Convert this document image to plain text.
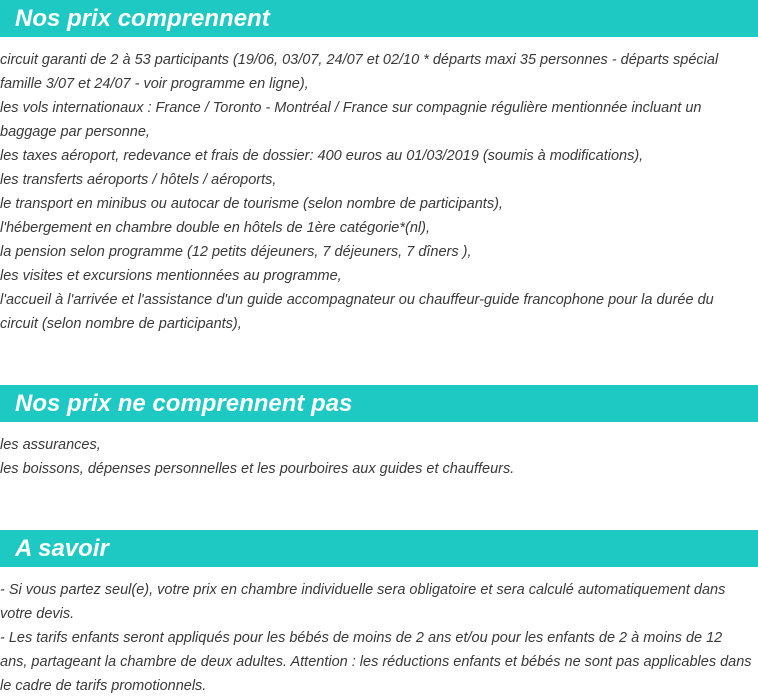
Nos prix comprennent
circuit garanti de 2 à 53 participants (19/06, 03/07, 24/07 et 02/10 * départs maxi 35 personnes - départs spécial famille 3/07 et 24/07 - voir programme en ligne),
les vols internationaux : France / Toronto - Montréal / France sur compagnie régulière mentionnée incluant un baggage par personne,
les taxes aéroport, redevance et frais de dossier: 400 euros au 01/03/2019 (soumis à modifications),
les transferts aéroports / hôtels / aéroports,
le transport en minibus ou autocar de tourisme (selon nombre de participants),
l'hébergement en chambre double en hôtels de 1ère catégorie*(nl),
la pension selon programme (12 petits déjeuners, 7 déjeuners, 7 dîners ),
les visites et excursions mentionnées au programme,
l'accueil à l'arrivée et l'assistance d'un guide accompagnateur ou chauffeur-guide francophone pour la durée du circuit (selon nombre de participants),
Nos prix ne comprennent pas
les assurances,
les boissons, dépenses personnelles et les pourboires aux guides et chauffeurs.
A savoir
- Si vous partez seul(e), votre prix en chambre individuelle sera obligatoire et sera calculé automatiquement dans votre devis.
- Les tarifs enfants seront appliqués pour les bébés de moins de 2 ans et/ou pour les enfants de 2 à moins de 12 ans, partageant la chambre de deux adultes. Attention : les réductions enfants et bébés ne sont pas applicables dans le cadre de tarifs promotionnels.
